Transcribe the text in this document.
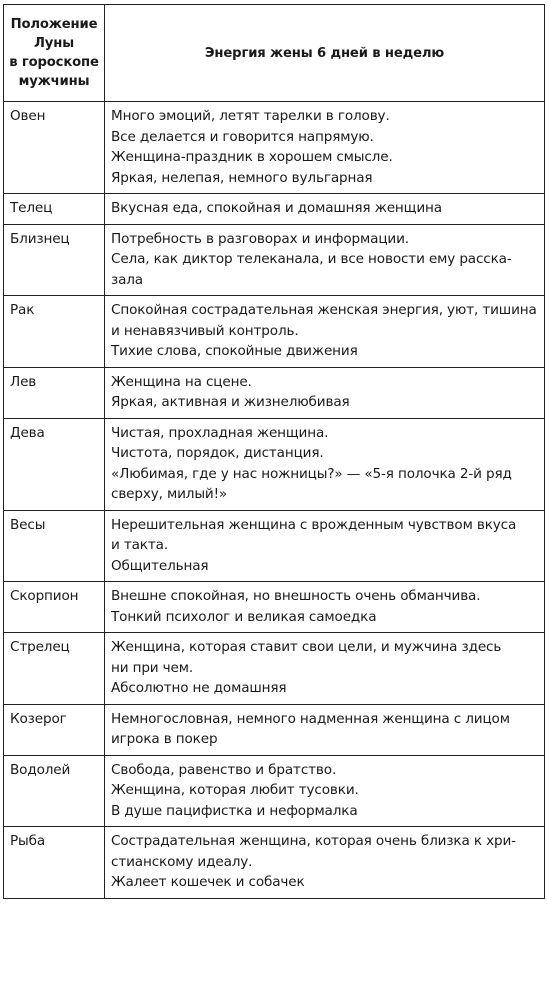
Положение
Луны
в гороскопе
мужчины	Энергия жены 6 дней в неделю
Овен	Много эмоций, летят тарелки в голову.
Все делается и говорится напрямую.
Женщина-праздник в хорошем смысле.
Яркая, нелепая, немного вульгарная

Телец	Вкусная еда, спокойная и домашняя женщина

Близнец	Потребность в разговорах и информации.
Села, как диктор телеканала, и все новости ему расска-
зала

Рак	Спокойная сострадательная женская энергия, уют, тишина
и ненавязчивый контроль.
Тихие слова, спокойные движения

Лев	Женщина на сцене.
Яркая, активная и жизнелюбивая

Дева	Чистая, прохладная женщина.
Чистота, порядок, дистанция.
«Любимая, где у нас ножницы?» — «5-я полочка 2-й ряд
сверху, милый!»

Весы	Нерешительная женщина с врожденным чувством вкуса
и такта.
Общительная

Скорпион	Внешне спокойная, но внешность очень обманчива.
Тонкий психолог и великая самоедка

Стрелец	Женщина, которая ставит свои цели, и мужчина здесь
ни при чем.
Абсолютно не домашняя

Козерог	Немногословная, немного надменная женщина с лицом
игрока в покер

Водолей	Свобода, равенство и братство.
Женщина, которая любит тусовки.
В душе пацифистка и неформалка

Рыба	Сострадательная женщина, которая очень близка к хри-
стианскому идеалу.
Жалеет кошечек и собачек
